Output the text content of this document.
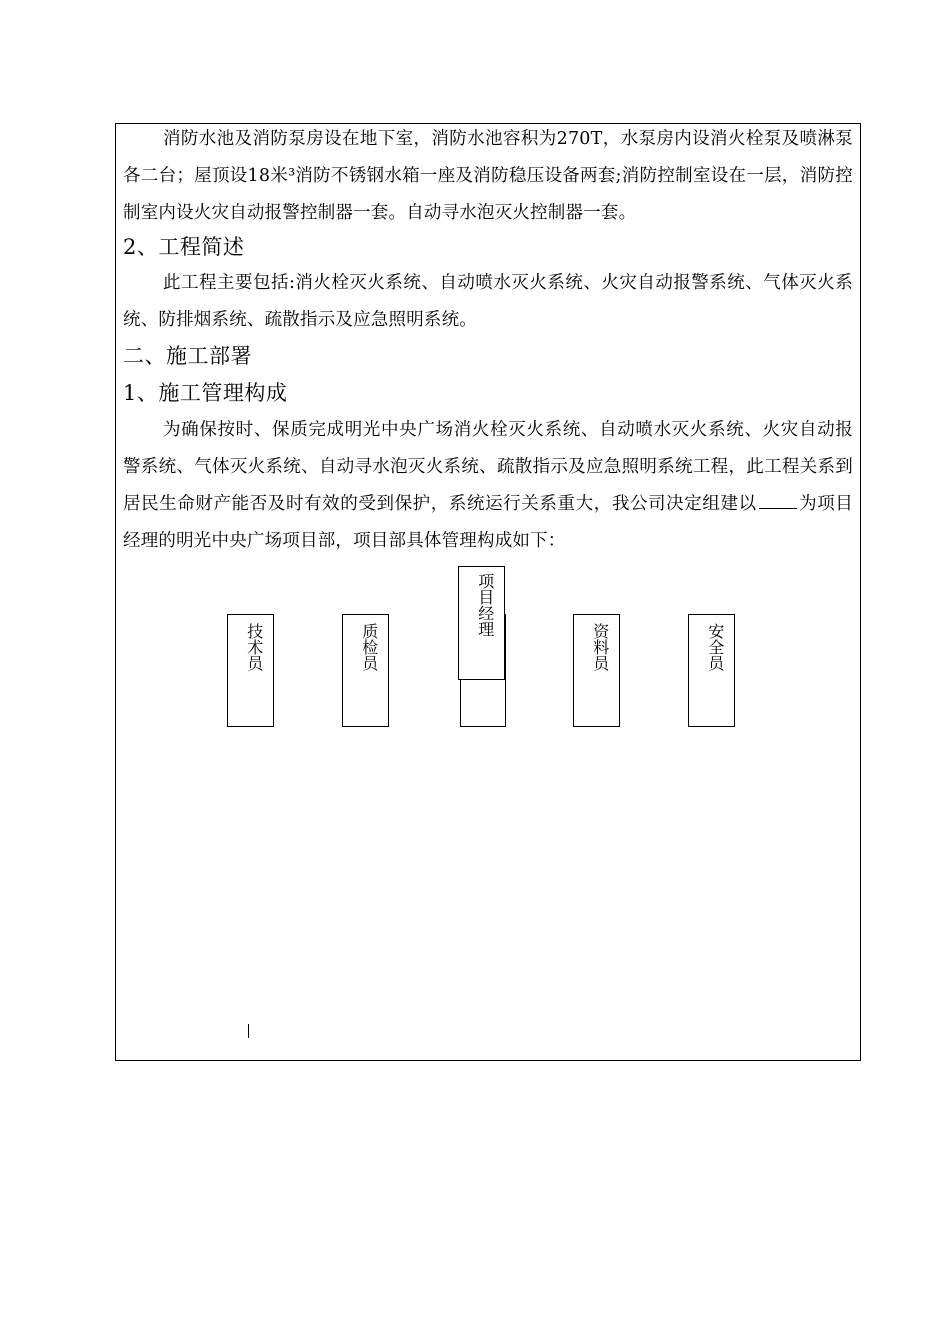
消防水池及消防泵房设在地下室，消防水池容积为270T，水泵房内设消火栓泵及喷淋泵各二台；屋顶设18米³消防不锈钢水箱一座及消防稳压设备两套;消防控制室设在一层，消防控制室内设火灾自动报警控制器一套。自动寻水泡灭火控制器一套。

2、工程简述

此工程主要包括:消火栓灭火系统、自动喷水灭火系统、火灾自动报警系统、气体灭火系统、防排烟系统、疏散指示及应急照明系统。

二、施工部署
1、施工管理构成

为确保按时、保质完成明光中央广场消火栓灭火系统、自动喷水灭火系统、火灾自动报警系统、气体灭火系统、自动寻水泡灭火系统、疏散指示及应急照明系统工程，此工程关系到居民生命财产能否及时有效的受到保护，系统运行关系重大，我公司决定组建以 为项目经理的明光中央广场项目部，项目部具体管理构成如下：

技术员	质检员
项目经理
资料员	安全员
